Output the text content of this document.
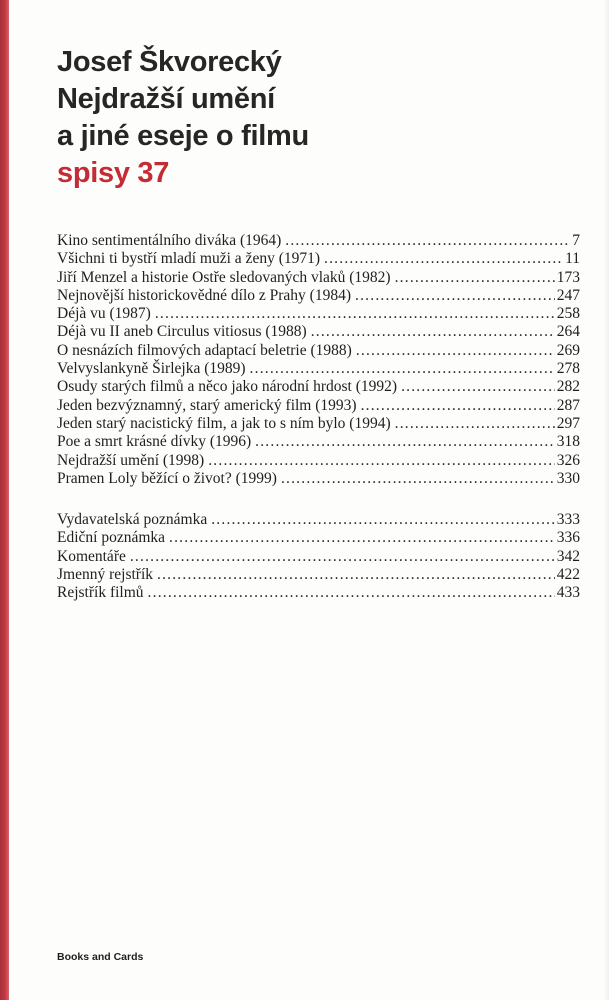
Josef Škvorecký
Nejdražší umění
a jiné eseje o filmu
spisy 37
Kino sentimentálního diváka (1964) .....	7
Všichni ti bystří mladí muži a ženy (1971) .....	11
Jiří Menzel a historie Ostře sledovaných vlaků (1982) .....	173
Nejnovější historickovědné dílo z Prahy (1984) .....	247
Déjà vu (1987) .....	258
Déjà vu II aneb Circulus vitiosus (1988) .....	264
O nesnázích filmových adaptací beletrie (1988) .....	269
Velvyslankyně Širlejka (1989) .....	278
Osudy starých filmů a něco jako národní hrdost (1992) .....	282
Jeden bezvýznamný, starý americký film (1993) .....	287
Jeden starý nacistický film, a jak to s ním bylo (1994) .....	297
Poe a smrt krásné dívky (1996) .....	318
Nejdražší umění (1998) .....	326
Pramen Loly běžící o život? (1999) .....	330
Vydavatelská poznámka .....	333
Ediční poznámka .....	336
Komentáře .....	342
Jmenný rejstřík .....	422
Rejstřík filmů .....	433
Books and Cards
